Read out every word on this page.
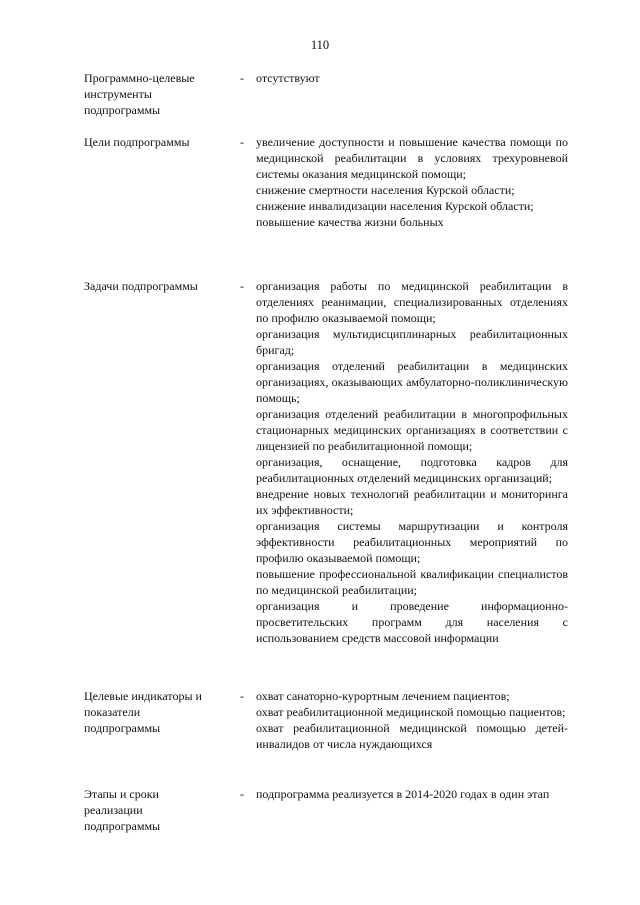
110

Программно-целевые

инструменты

подпрограммы

- отсутствуют

Цели подпрограммы	- увеличение доступности и повышение качества помощи по медицинской реабилитации в условиях трехуровневой системы оказания медицинской помощи;

снижение смертности населения Курской области;

снижение инвалидизации населения Курской области;

повышение качества жизни больных

Задачи подпрограммы	- организация работы по медицинской реабилитации в отделениях реанимации, специализированных отделениях по профилю оказываемой помощи;

организация мультидисциплинарных реабилитационных бригад;

организация отделений реабилитации в медицинских организациях, оказывающих амбулаторно-поликлиническую помощь;

организация отделений реабилитации в многопрофильных стационарных медицинских организациях в соответствии с лицензией по реабилитационной помощи;

организация, оснащение, подготовка кадров для реабилитационных отделений медицинских организаций;

внедрение новых технологий реабилитации и мониторинга их эффективности;

организация системы маршрутизации и контроля эффективности реабилитационных мероприятий по профилю оказываемой помощи;

повышение профессиональной квалификации специалистов по медицинской реабилитации;

организация и проведение информационно-просветительских программ для населения с использованием средств массовой информации

Целевые индикаторы и

показатели

подпрограммы

- охват санаторно-курортным лечением пациентов;

охват реабилитационной медицинской помощью пациентов;

охват реабилитационной медицинской помощью детей-инвалидов от числа нуждающихся

Этапы и сроки

реализации

подпрограммы

- подпрограмма реализуется в 2014-2020 годах в один этап
